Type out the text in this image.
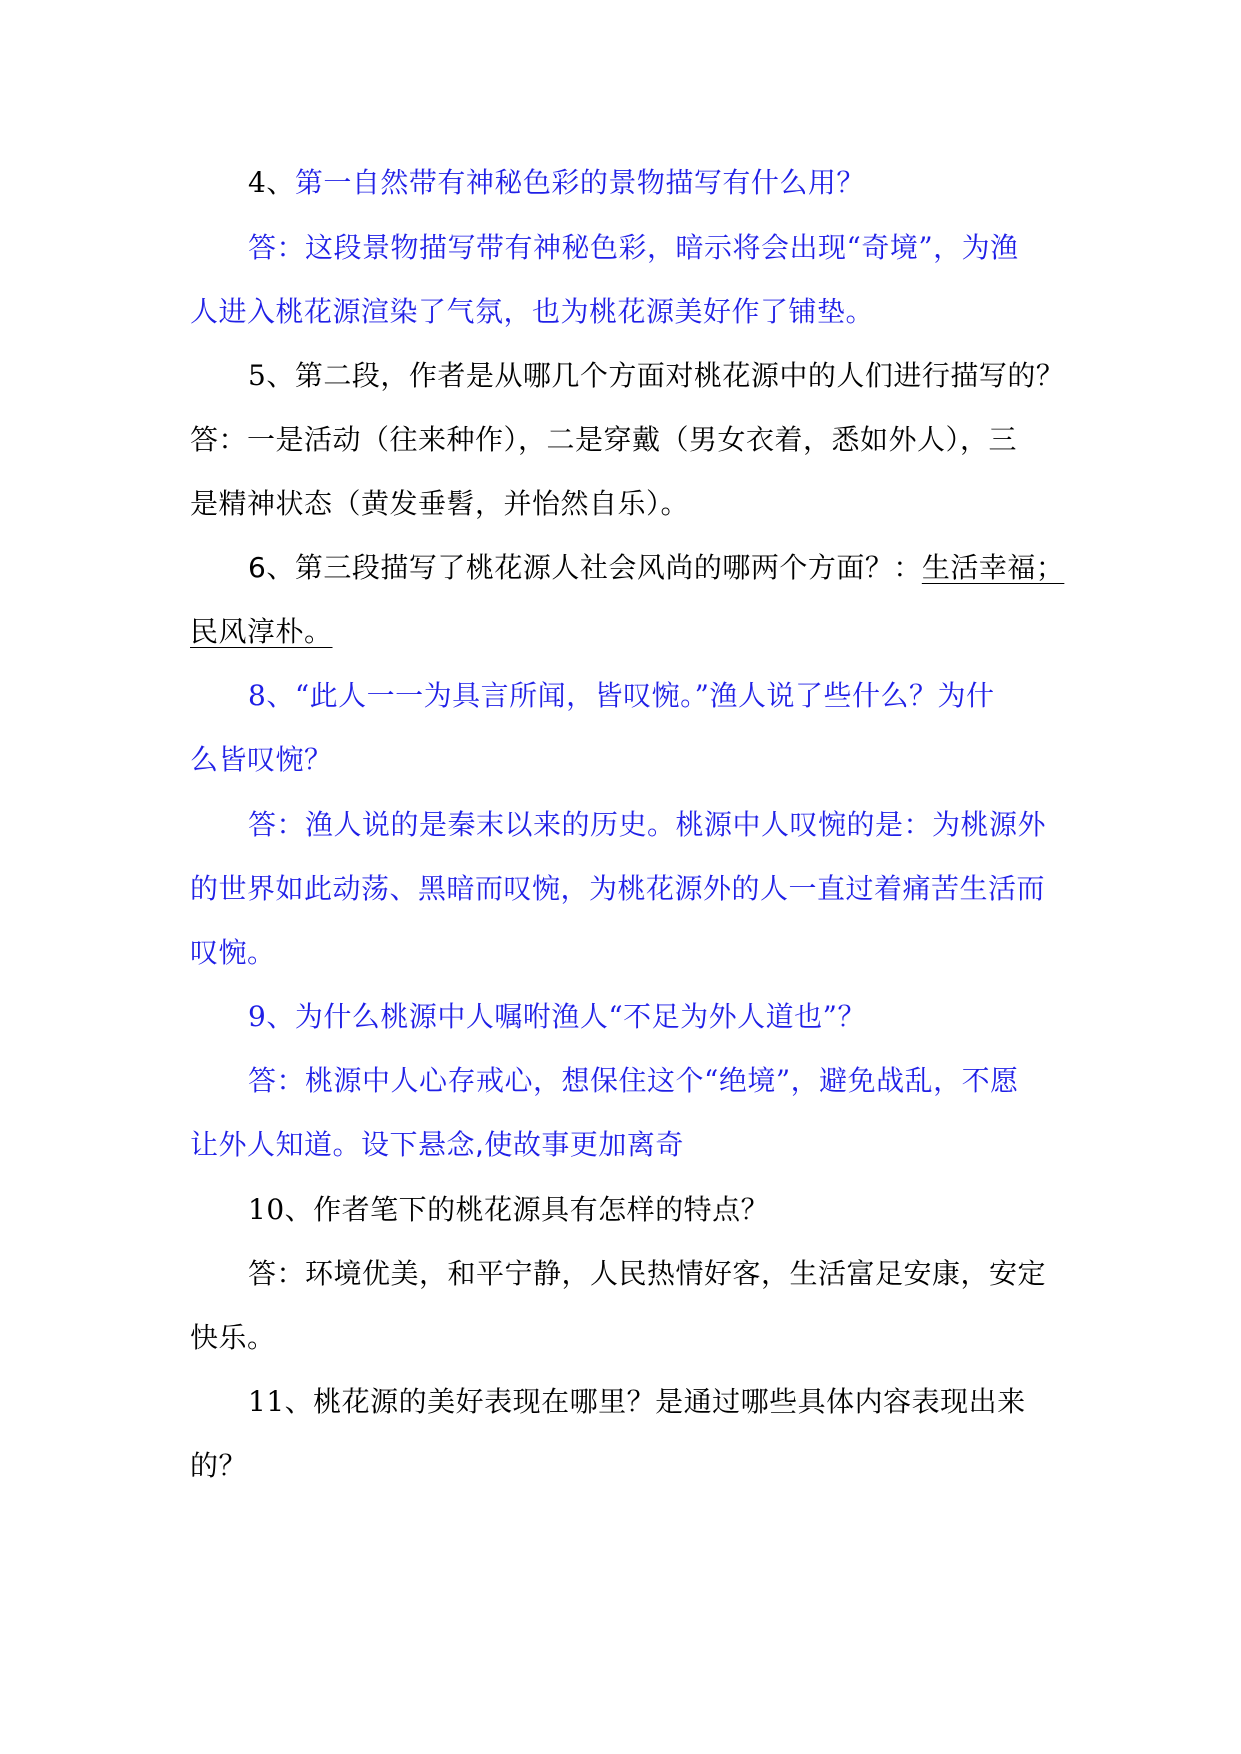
4、第一自然带有神秘色彩的景物描写有什么用？
答：这段景物描写带有神秘色彩，暗示将会出现“奇境”，为渔
人进入桃花源渲染了气氛，也为桃花源美好作了铺垫。
5、第二段，作者是从哪几个方面对桃花源中的人们进行描写的？
答：一是活动（往来种作），二是穿戴（男女衣着，悉如外人），三
是精神状态（黄发垂髫，并怡然自乐）。
6、第三段描写了桃花源人社会风尚的哪两个方面？：生活幸福；
民风淳朴。
8、“此人一一为具言所闻，皆叹惋。”渔人说了些什么？为什
么皆叹惋？
答：渔人说的是秦末以来的历史。桃源中人叹惋的是：为桃源外
的世界如此动荡、黑暗而叹惋，为桃花源外的人一直过着痛苦生活而
叹惋。
9、为什么桃源中人嘱咐渔人“不足为外人道也”？
答：桃源中人心存戒心，想保住这个“绝境”，避免战乱，不愿
让外人知道。设下悬念,使故事更加离奇
10、作者笔下的桃花源具有怎样的特点？
答：环境优美，和平宁静，人民热情好客，生活富足安康，安定
快乐。
11、桃花源的美好表现在哪里？是通过哪些具体内容表现出来
的？
